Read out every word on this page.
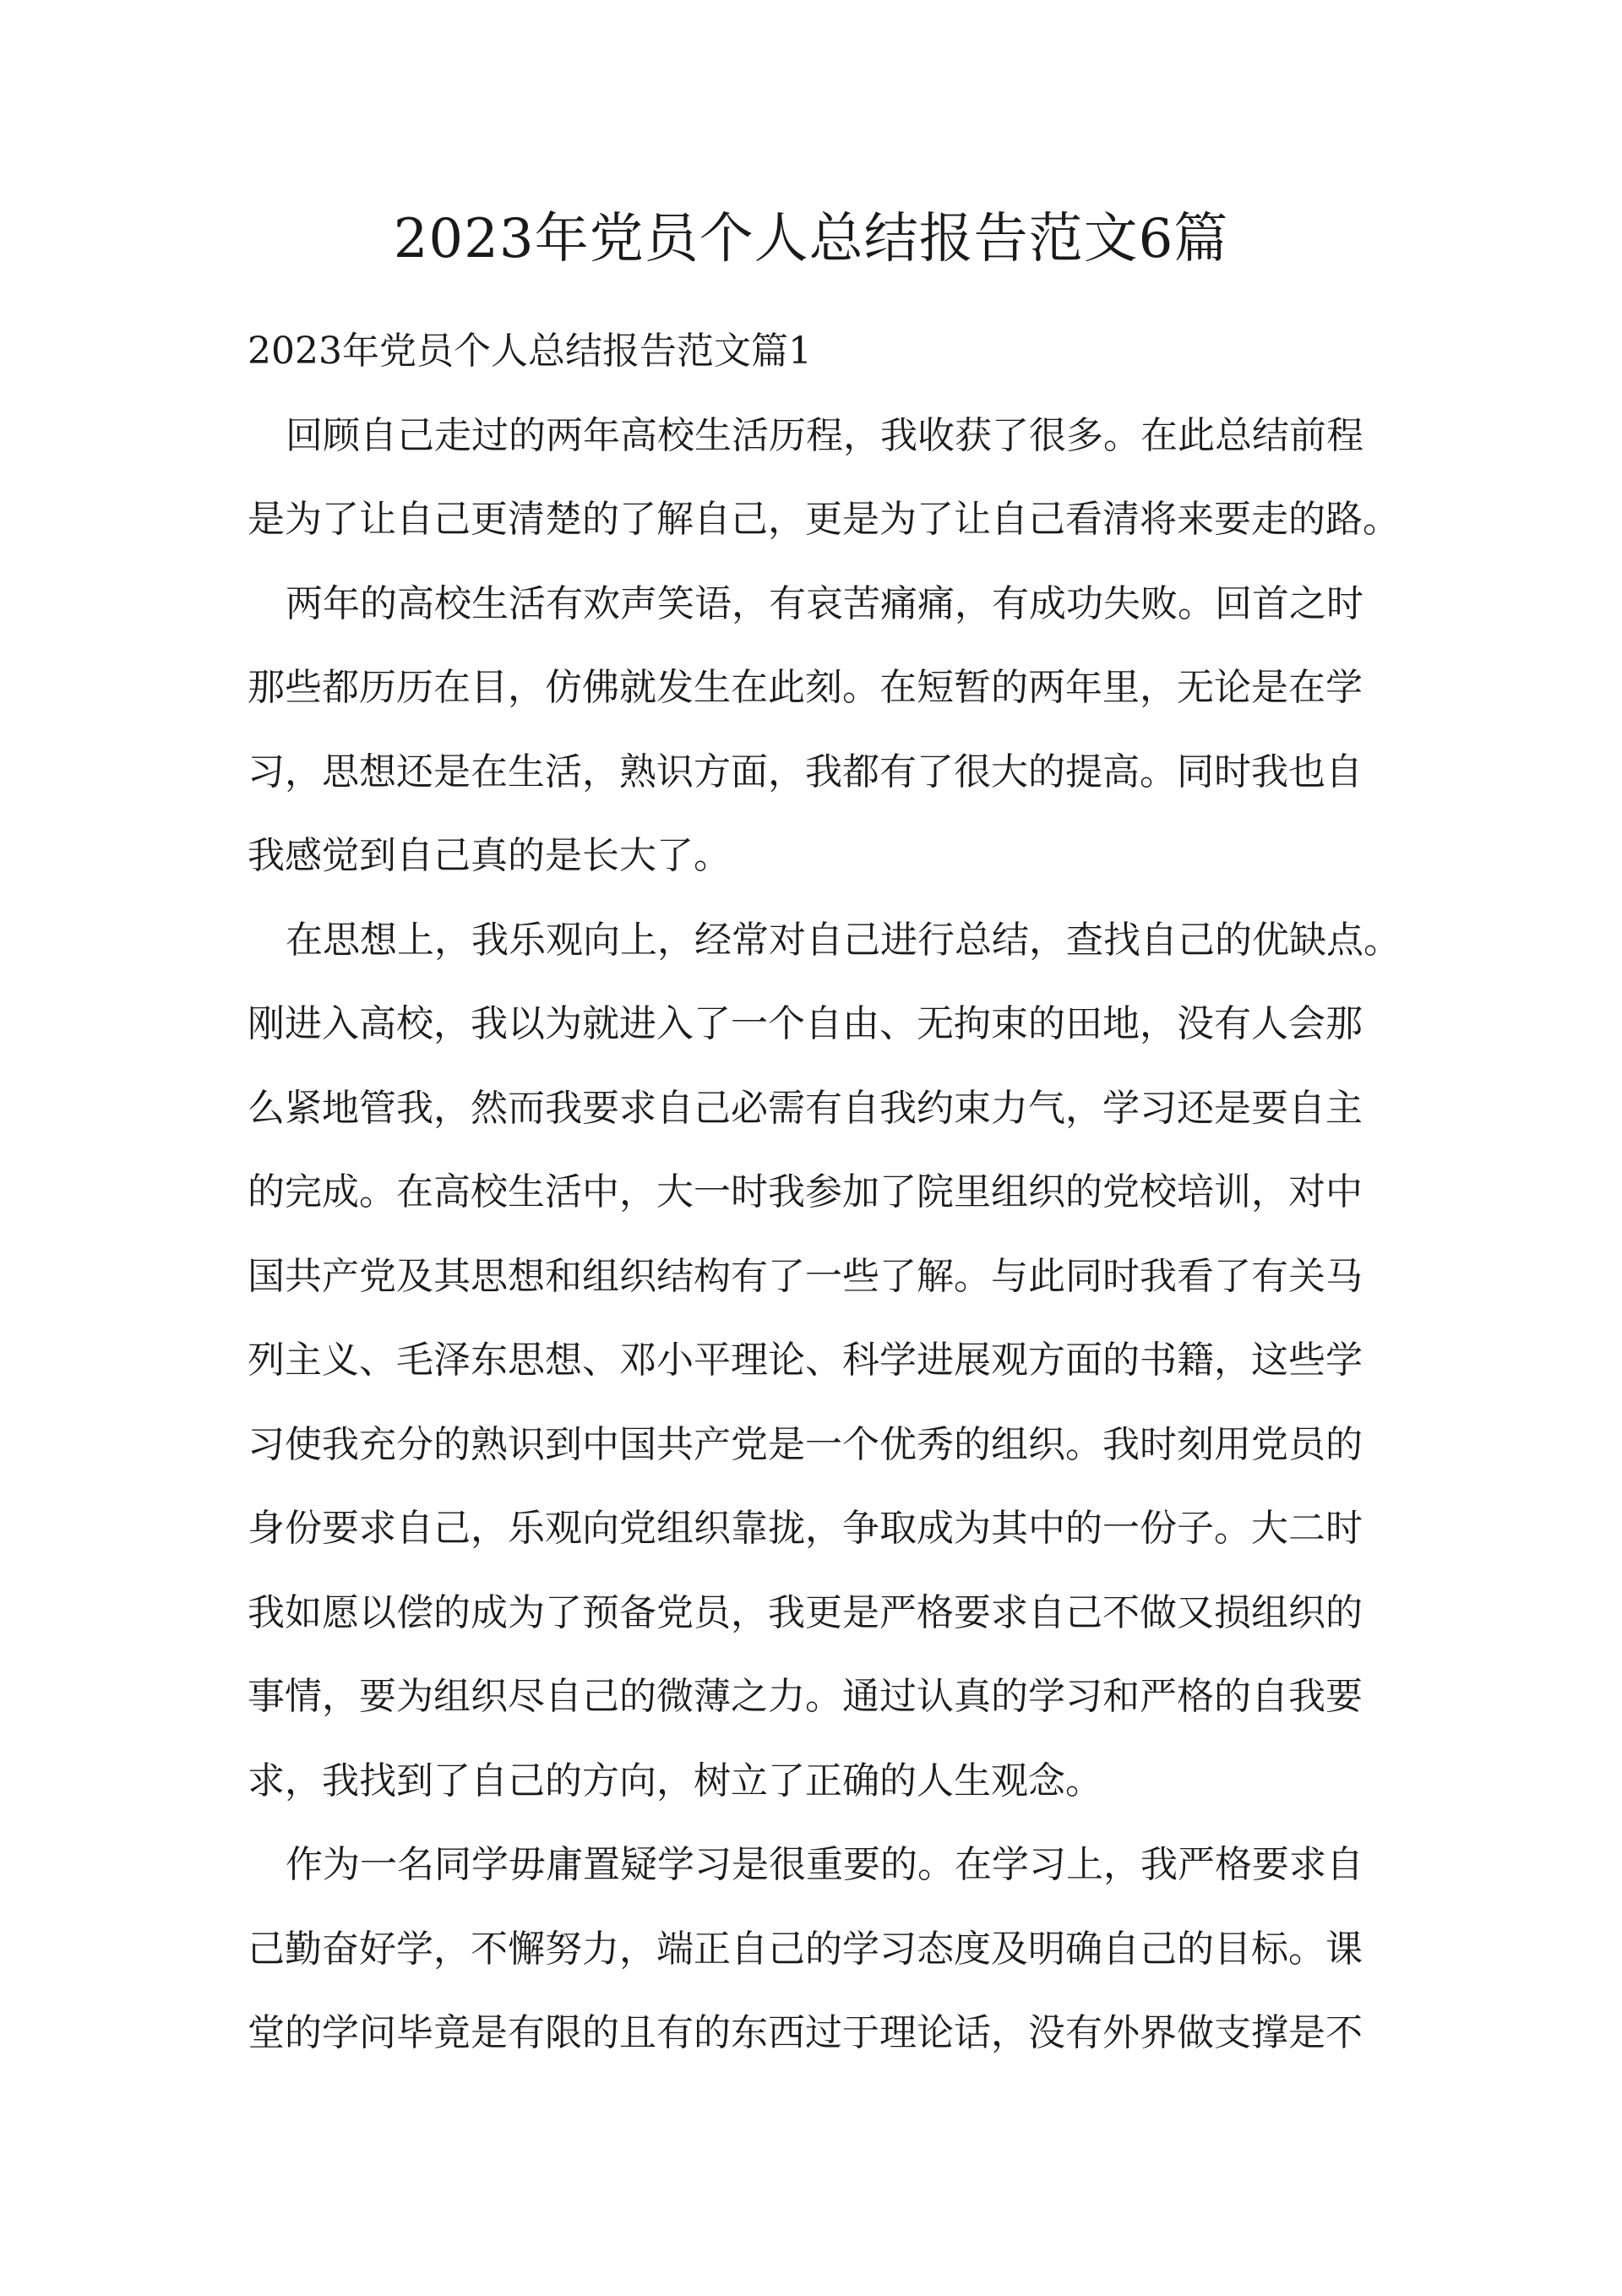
2023年党员个人总结报告范文6篇

2023年党员个人总结报告范文篇1

回顾自己走过的两年高校生活历程，我收获了很多。在此总结前程

是为了让自己更清楚的了解自己，更是为了让自己看清将来要走的路。

两年的高校生活有欢声笑语，有哀苦痛痛，有成功失败。回首之时

那些都历历在目，仿佛就发生在此刻。在短暂的两年里，无论是在学

习，思想还是在生活，熟识方面，我都有了很大的提高。同时我也自

我感觉到自己真的是长大了。

在思想上，我乐观向上，经常对自己进行总结，查找自己的优缺点。

刚进入高校，我以为就进入了一个自由、无拘束的田地，没有人会那

么紧地管我，然而我要求自己必需有自我约束力气，学习还是要自主

的完成。在高校生活中，大一时我参加了院里组织的党校培训，对中

国共产党及其思想和组织结构有了一些了解。与此同时我看了有关马

列主义、毛泽东思想、邓小平理论、科学进展观方面的书籍，这些学

习使我充分的熟识到中国共产党是一个优秀的组织。我时刻用党员的

身份要求自己，乐观向党组织靠拢，争取成为其中的一份子。大二时

我如愿以偿的成为了预备党员，我更是严格要求自己不做又损组织的

事情，要为组织尽自己的微薄之力。通过认真的学习和严格的自我要

求，我找到了自己的方向，树立了正确的人生观念。

作为一名同学毋庸置疑学习是很重要的。在学习上，我严格要求自

己勤奋好学，不懈努力，端正自己的学习态度及明确自己的目标。课

堂的学问毕竟是有限的且有的东西过于理论话，没有外界做支撑是不
